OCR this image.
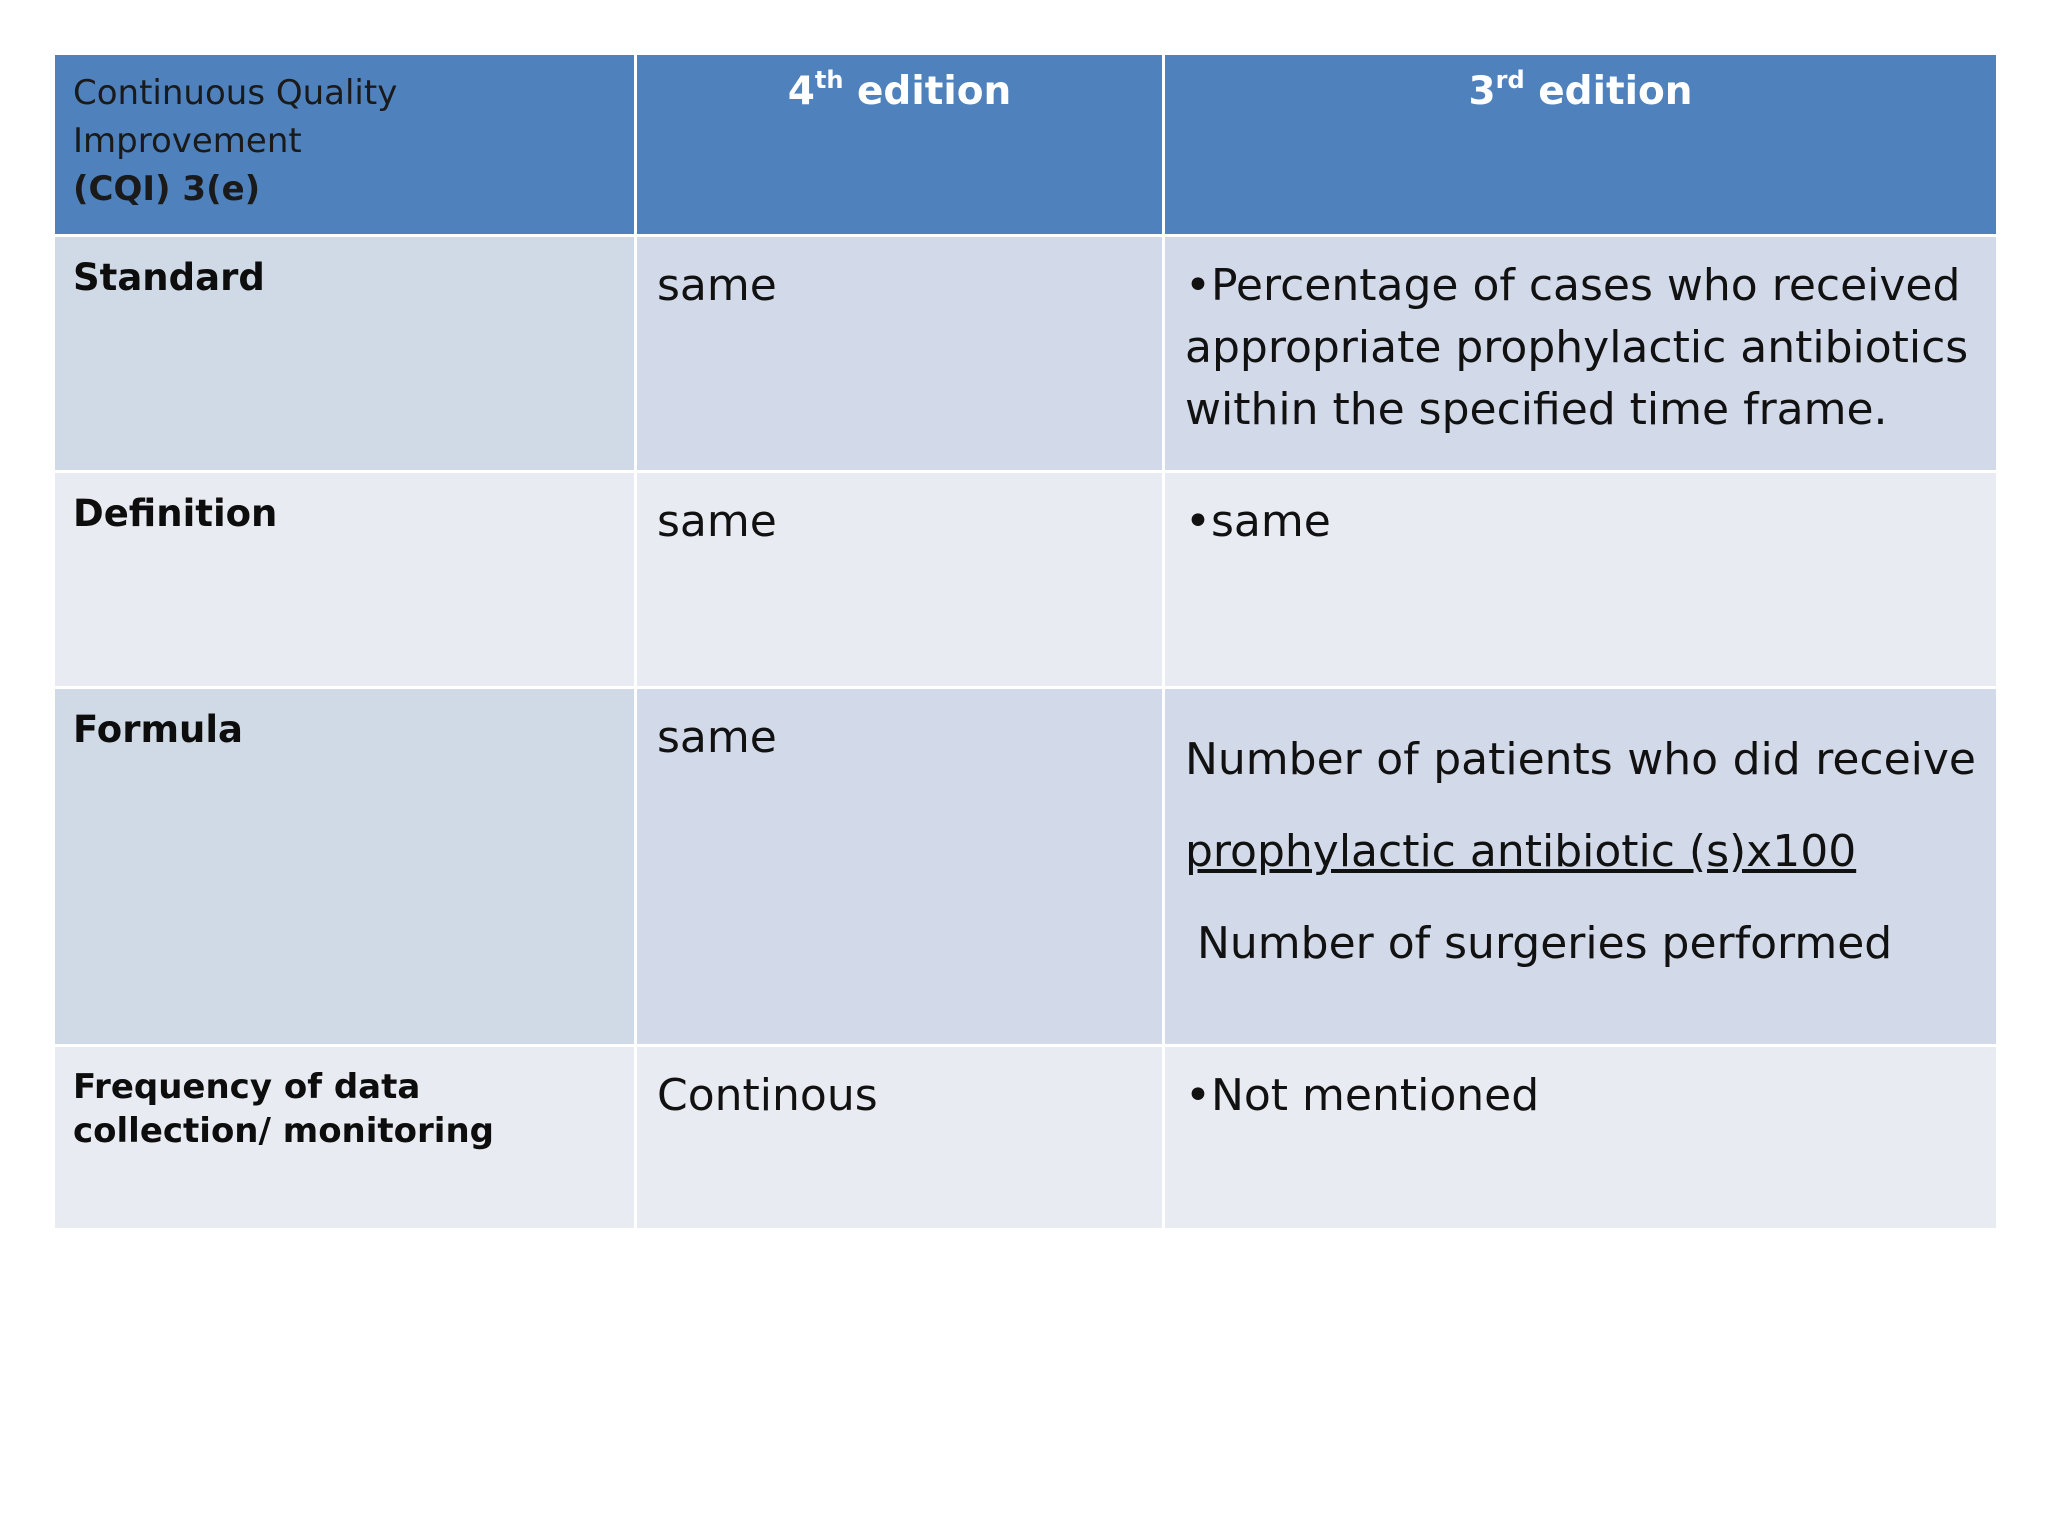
Continuous Quality Improvement
(CQI) 3(e)	4th edition	3rd edition
Standard	same	•Percentage of cases who received appropriate prophylactic antibiotics within the specified time frame.
Definition	same	•same
Formula	same	Number of patients who did receive
prophylactic antibiotic (s)x100
Number of surgeries performed

Frequency of data collection/ monitoring	Continous	•Not mentioned
